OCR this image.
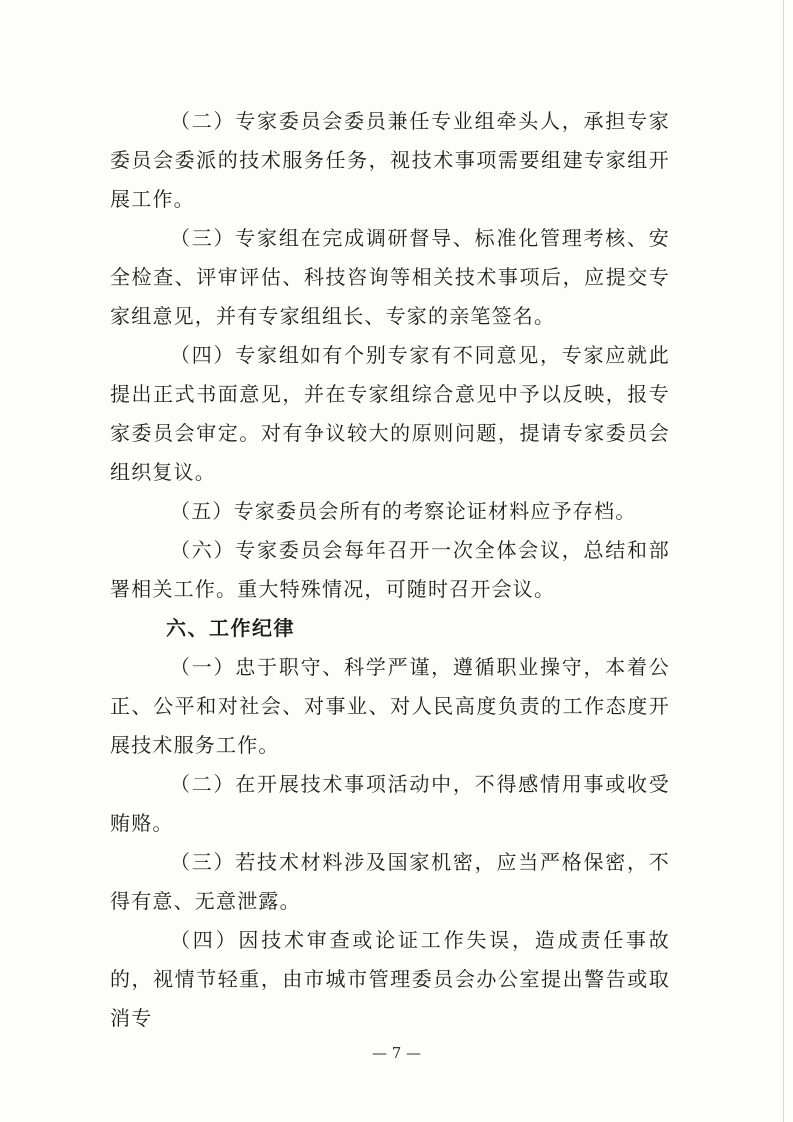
（二）专家委员会委员兼任专业组牵头人，承担专家委员会委派的技术服务任务，视技术事项需要组建专家组开展工作。

（三）专家组在完成调研督导、标准化管理考核、安全检查、评审评估、科技咨询等相关技术事项后，应提交专家组意见，并有专家组组长、专家的亲笔签名。

（四）专家组如有个别专家有不同意见，专家应就此提出正式书面意见，并在专家组综合意见中予以反映，报专家委员会审定。对有争议较大的原则问题，提请专家委员会组织复议。

（五）专家委员会所有的考察论证材料应予存档。

（六）专家委员会每年召开一次全体会议，总结和部署相关工作。重大特殊情况，可随时召开会议。

六、工作纪律

（一）忠于职守、科学严谨，遵循职业操守，本着公正、公平和对社会、对事业、对人民高度负责的工作态度开展技术服务工作。

（二）在开展技术事项活动中，不得感情用事或收受贿赂。

（三）若技术材料涉及国家机密，应当严格保密，不得有意、无意泄露。

（四）因技术审查或论证工作失误，造成责任事故的，视情节轻重，由市城市管理委员会办公室提出警告或取消专

— 7 —
